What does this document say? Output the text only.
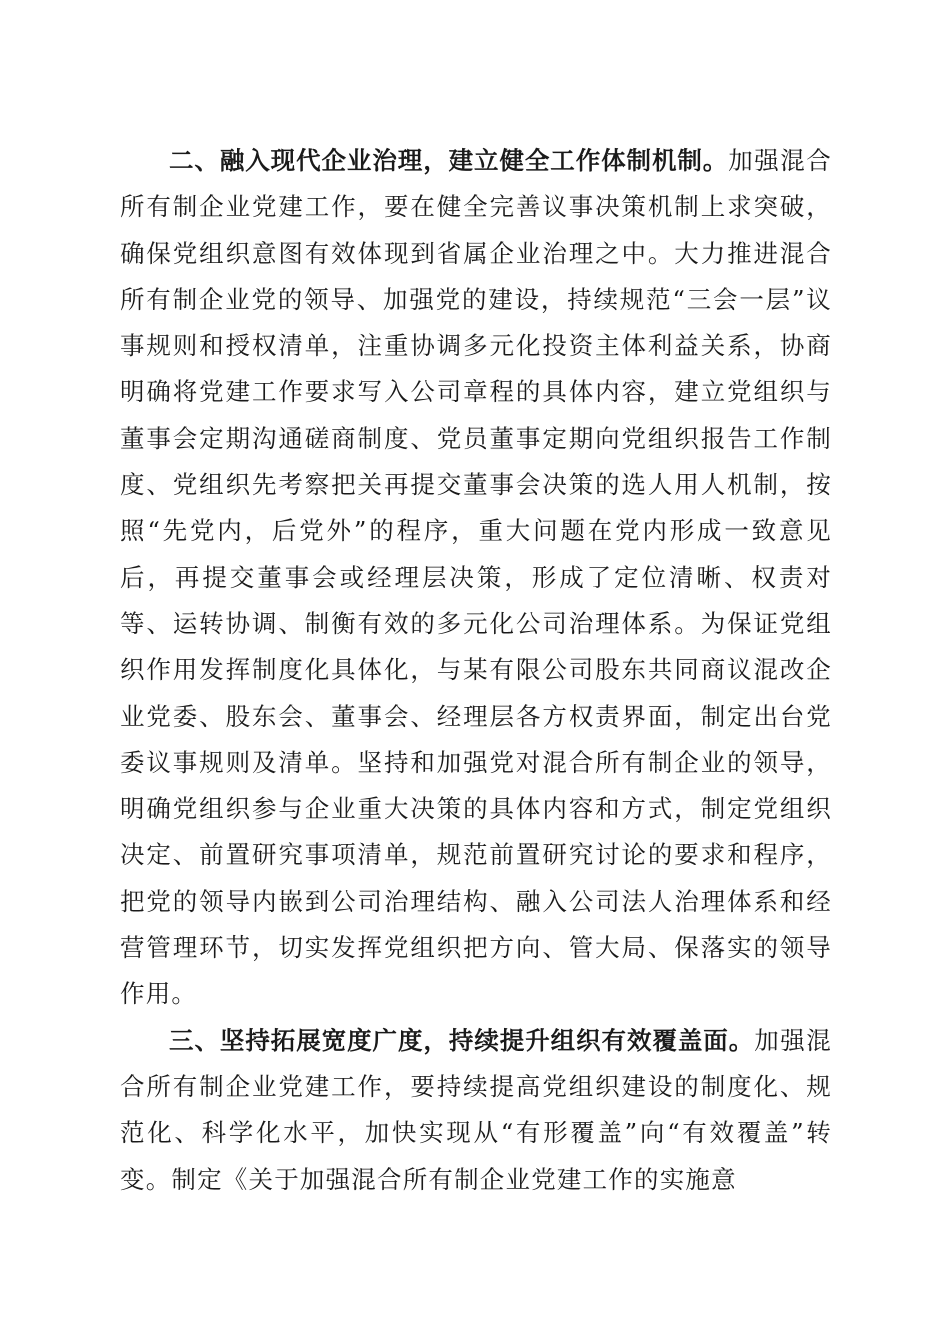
二、融入现代企业治理，建立健全工作体制机制。加强混合所有制企业党建工作，要在健全完善议事决策机制上求突破，确保党组织意图有效体现到省属企业治理之中。大力推进混合所有制企业党的领导、加强党的建设，持续规范“三会一层”议事规则和授权清单，注重协调多元化投资主体利益关系，协商明确将党建工作要求写入公司章程的具体内容，建立党组织与董事会定期沟通磋商制度、党员董事定期向党组织报告工作制度、党组织先考察把关再提交董事会决策的选人用人机制，按照“先党内，后党外”的程序，重大问题在党内形成一致意见后，再提交董事会或经理层决策，形成了定位清晰、权责对等、运转协调、制衡有效的多元化公司治理体系。为保证党组织作用发挥制度化具体化，与某有限公司股东共同商议混改企业党委、股东会、董事会、经理层各方权责界面，制定出台党委议事规则及清单。坚持和加强党对混合所有制企业的领导，明确党组织参与企业重大决策的具体内容和方式，制定党组织决定、前置研究事项清单，规范前置研究讨论的要求和程序，把党的领导内嵌到公司治理结构、融入公司法人治理体系和经营管理环节，切实发挥党组织把方向、管大局、保落实的领导作用。

三、坚持拓展宽度广度，持续提升组织有效覆盖面。加强混合所有制企业党建工作，要持续提高党组织建设的制度化、规范化、科学化水平，加快实现从“有形覆盖”向“有效覆盖”转变。制定《关于加强混合所有制企业党建工作的实施意
